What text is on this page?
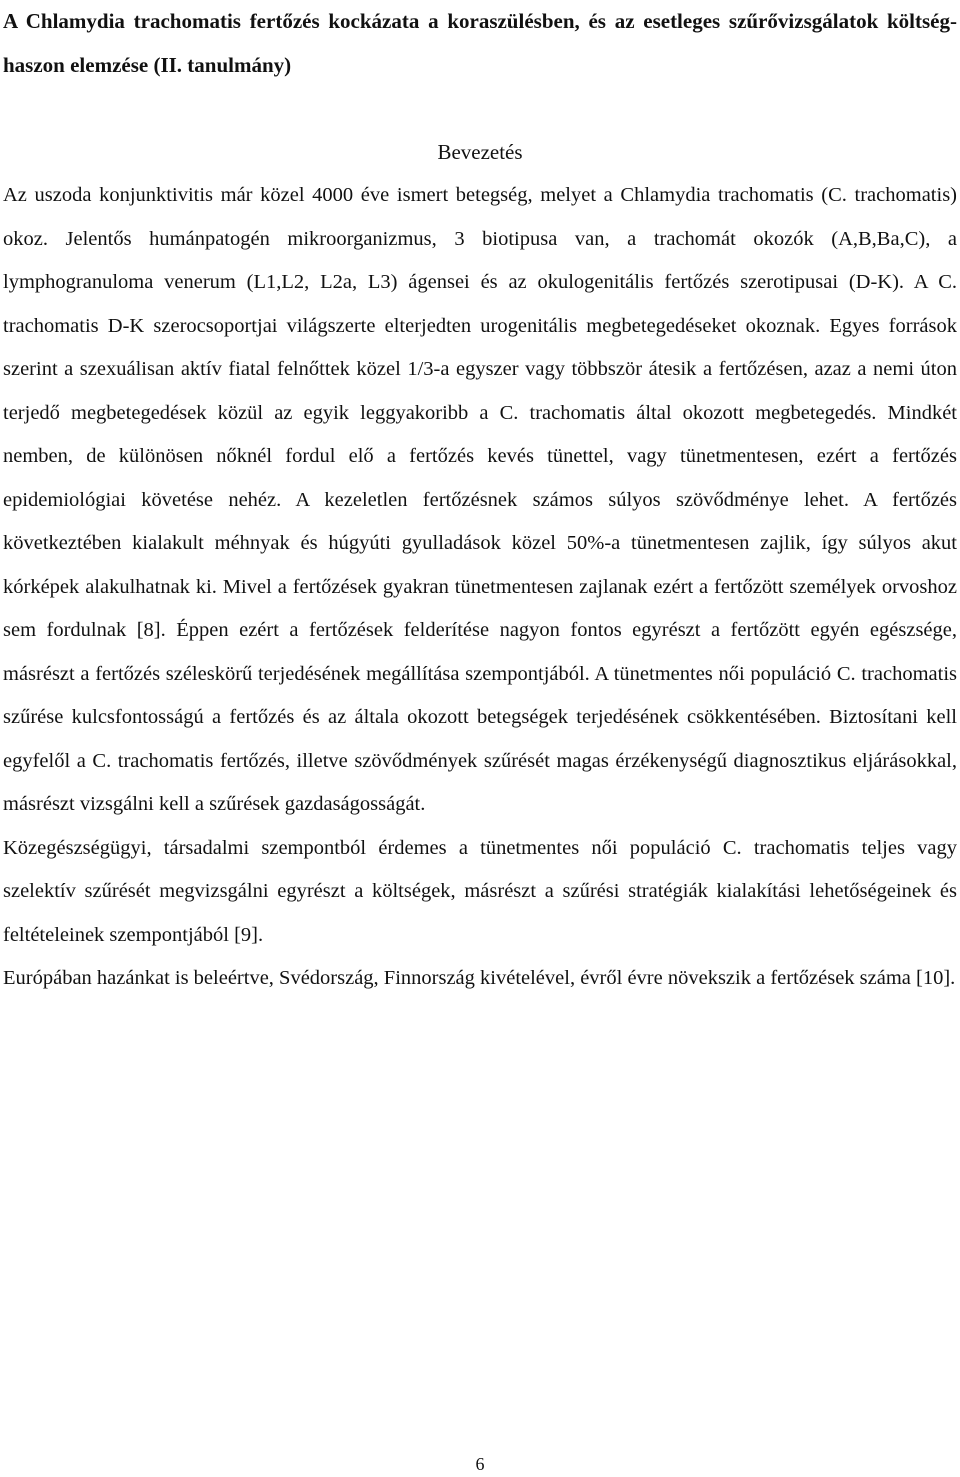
A Chlamydia trachomatis fertőzés kockázata a koraszülésben, és az esetleges szűrővizsgálatok költség-haszon elemzése (II. tanulmány)
Bevezetés

Az uszoda konjunktivitis már közel 4000 éve ismert betegség, melyet a Chlamydia trachomatis (C. trachomatis) okoz. Jelentős humánpatogén mikroorganizmus, 3 biotipusa van, a trachomát okozók (A,B,Ba,C), a lymphogranuloma venerum (L1,L2, L2a, L3) ágensei és az okulogenitális fertőzés szerotipusai (D-K). A C. trachomatis D-K szerocsoportjai világszerte elterjedten urogenitális megbetegedéseket okoznak. Egyes források szerint a szexuálisan aktív fiatal felnőttek közel 1/3-a egyszer vagy többször átesik a fertőzésen, azaz a nemi úton terjedő megbetegedések közül az egyik leggyakoribb a C. trachomatis által okozott megbetegedés. Mindkét nemben, de különösen nőknél fordul elő a fertőzés kevés tünettel, vagy tünetmentesen, ezért a fertőzés epidemiológiai követése nehéz. A kezeletlen fertőzésnek számos súlyos szövődménye lehet. A fertőzés következtében kialakult méhnyak és húgyúti gyulladások közel 50%-a tünetmentesen zajlik, így súlyos akut kórképek alakulhatnak ki. Mivel a fertőzések gyakran tünetmentesen zajlanak ezért a fertőzött személyek orvoshoz sem fordulnak [8]. Éppen ezért a fertőzések felderítése nagyon fontos egyrészt a fertőzött egyén egészsége, másrészt a fertőzés széleskörű terjedésének megállítása szempontjából. A tünetmentes női populáció C. trachomatis szűrése kulcsfontosságú a fertőzés és az általa okozott betegségek terjedésének csökkentésében. Biztosítani kell egyfelől a C. trachomatis fertőzés, illetve szövődmények szűrését magas érzékenységű diagnosztikus eljárásokkal, másrészt vizsgálni kell a szűrések gazdaságosságát.

Közegészségügyi, társadalmi szempontból érdemes a tünetmentes női populáció C. trachomatis teljes vagy szelektív szűrését megvizsgálni egyrészt a költségek, másrészt a szűrési stratégiák kialakítási lehetőségeinek és feltételeinek szempontjából [9].

Európában hazánkat is beleértve, Svédország, Finnország kivételével, évről évre növekszik a fertőzések száma [10].

6
